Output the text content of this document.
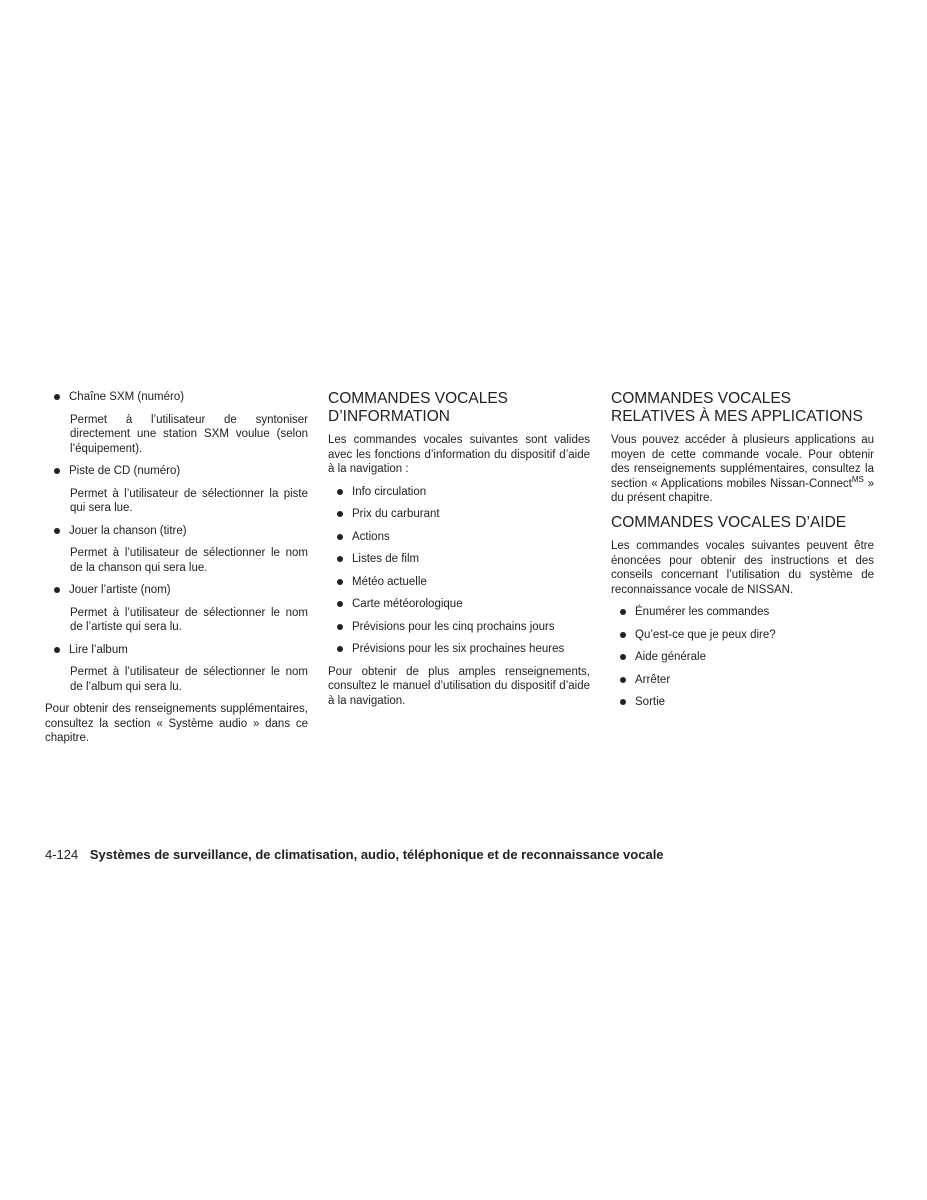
Chaîne SXM (numéro)
Permet à l’utilisateur de syntoniser directement une station SXM voulue (selon l’équipement).
Piste de CD (numéro)
Permet à l’utilisateur de sélectionner la piste qui sera lue.
Jouer la chanson (titre)
Permet à l’utilisateur de sélectionner le nom de la chanson qui sera lue.
Jouer l’artiste (nom)
Permet à l’utilisateur de sélectionner le nom de l’artiste qui sera lu.
Lire l’album
Permet à l’utilisateur de sélectionner le nom de l’album qui sera lu.

Pour obtenir des renseignements supplémentaires, consultez la section « Système audio » dans ce chapitre.

COMMANDES VOCALES
D’INFORMATION

Les commandes vocales suivantes sont valides avec les fonctions d’information du dispositif d’aide à la navigation :

Info circulation
Prix du carburant
Actions
Listes de film
Météo actuelle
Carte météorologique
Prévisions pour les cinq prochains jours
Prévisions pour les six prochaines heures

Pour obtenir de plus amples renseignements, consultez le manuel d’utilisation du dispositif d’aide à la navigation.

COMMANDES VOCALES
RELATIVES À MES APPLICATIONS

Vous pouvez accéder à plusieurs applications au moyen de cette commande vocale. Pour obtenir des renseignements supplémentaires, consultez la section « Applications mobiles Nissan-Connect$^{MS}$ » du présent chapitre.

COMMANDES VOCALES D’AIDE

Les commandes vocales suivantes peuvent être énoncées pour obtenir des instructions et des conseils concernant l’utilisation du système de reconnaissance vocale de NISSAN.

Énumérer les commandes
Qu’est-ce que je peux dire?
Aide générale
Arrêter
Sortie
4-124 Systèmes de surveillance, de climatisation, audio, téléphonique et de reconnaissance vocale
